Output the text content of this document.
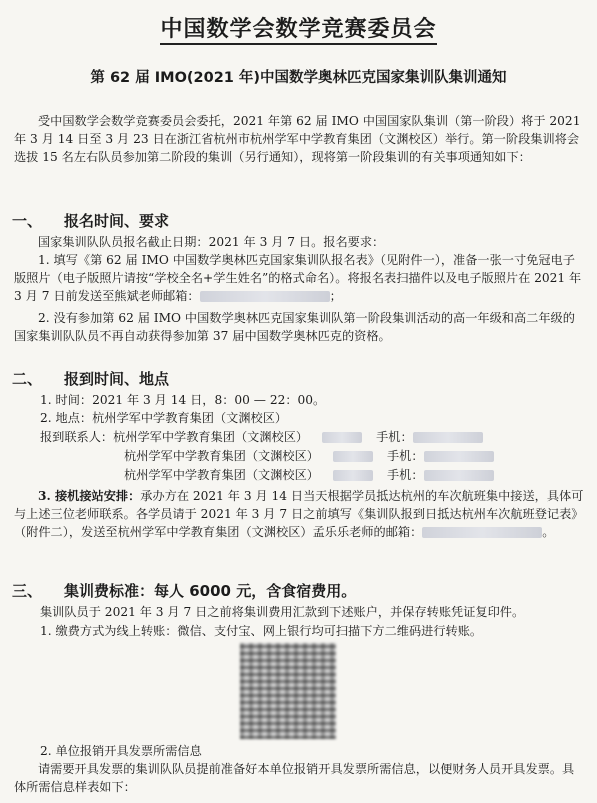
中国数学会数学竞赛委员会
第 62 届 IMO(2021 年)中国数学奥林匹克国家集训队集训通知
受中国数学会数学竞赛委员会委托，2021 年第 62 届 IMO 中国国家队集训（第一阶段）将于 2021 年 3 月 14 日至 3 月 23 日在浙江省杭州市杭州学军中学教育集团（文渊校区）举行。第一阶段集训将会选拔 15 名左右队员参加第二阶段的集训（另行通知），现将第一阶段集训的有关事项通知如下：
一、 报名时间、要求
国家集训队队员报名截止日期：2021 年 3 月 7 日。报名要求：
1. 填写《第 62 届 IMO 中国数学奥林匹克国家集训队报名表》（见附件一），准备一张一寸免冠电子版照片（电子版照片请按“学校全名+学生姓名”的格式命名）。将报名表扫描件以及电子版照片在 2021 年 3 月 7 日前发送至熊斌老师邮箱：	；
2. 没有参加第 62 届 IMO 中国数学奥林匹克国家集训队第一阶段集训活动的高一年级和高二年级的国家集训队队员不再自动获得参加第 37 届中国数学奥林匹克的资格。
二、 报到时间、地点
1. 时间：2021 年 3 月 14 日，8：00 — 22：00。
2. 地点：杭州学军中学教育集团（文渊校区）
报到联系人：杭州学军中学教育集团（文渊校区）	手机：
杭州学军中学教育集团（文渊校区）	手机：
杭州学军中学教育集团（文渊校区）	手机：
3. 接机接站安排：承办方在 2021 年 3 月 14 日当天根据学员抵达杭州的车次航班集中接送，具体可与上述三位老师联系。各学员请于 2021 年 3 月 7 日之前填写《集训队报到日抵达杭州车次航班登记表》（附件二），发送至杭州学军中学教育集团（文渊校区）孟乐乐老师的邮箱：	。
三、 集训费标准：每人 6000 元，含食宿费用。
集训队员于 2021 年 3 月 7 日之前将集训费用汇款到下述账户，并保存转账凭证复印件。
1. 缴费方式为线上转账：微信、支付宝、网上银行均可扫描下方二维码进行转账。
2. 单位报销开具发票所需信息
请需要开具发票的集训队队员提前准备好本单位报销开具发票所需信息，以便财务人员开具发票。具体所需信息样表如下：
